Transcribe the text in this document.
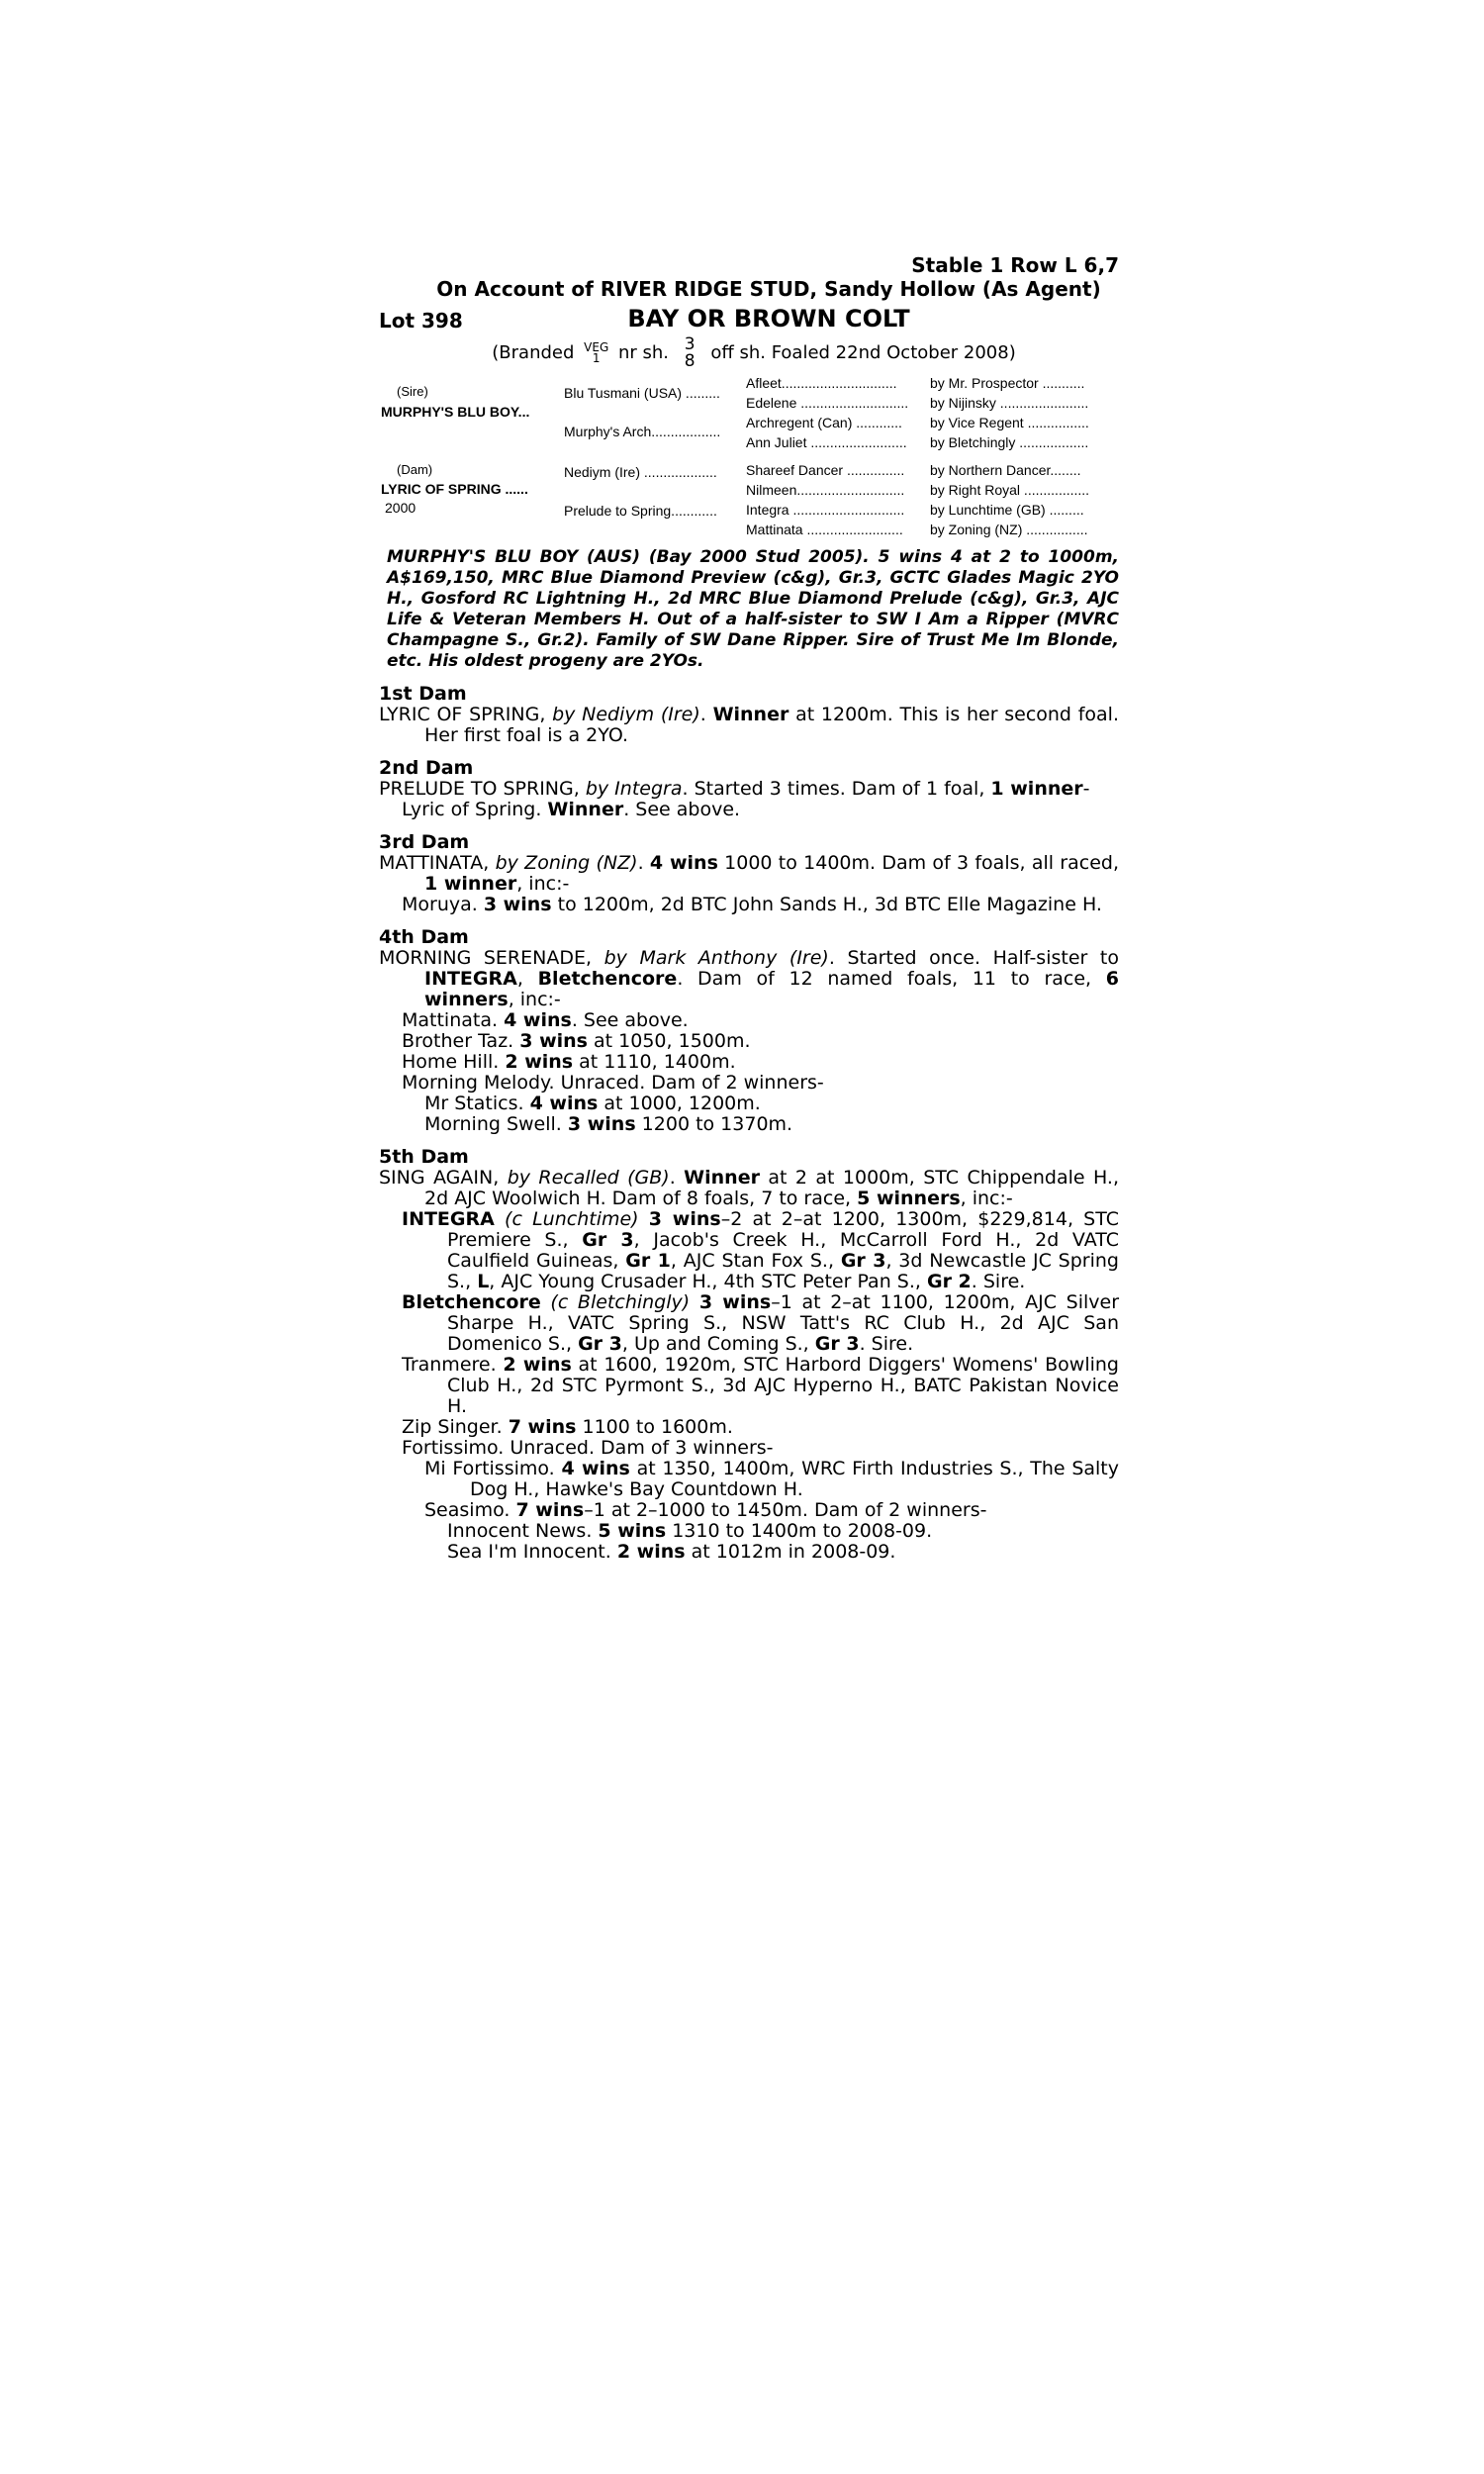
Stable 1 Row L 6,7
On Account of RIVER RIDGE STUD, Sandy Hollow (As Agent)
Lot 398	BAY OR BROWN COLT
(Branded VEG
1 nr sh. 3
8 off sh. Foaled 22nd October 2008)
(Sire)
MURPHY'S BLU BOY...
(Dam)
LYRIC OF SPRING ......
2000
Blu Tusmani (USA) .........
Murphy's Arch..................
Nediym (Ire) ...................
Prelude to Spring............
Afleet..............................
Edelene ............................
Archregent (Can) ............
Ann Juliet .........................
Shareef Dancer ...............
Nilmeen............................
Integra .............................
Mattinata .........................
by Mr. Prospector ...........
by Nijinsky .......................
by Vice Regent ................
by Bletchingly ..................
by Northern Dancer........
by Right Royal .................
by Lunchtime (GB) .........
by Zoning (NZ) ................
MURPHY'S BLU BOY (AUS) (Bay 2000 Stud 2005). 5 wins 4 at 2 to 1000m, A$169,150, MRC Blue Diamond Preview (c&g), Gr.3, GCTC Glades Magic 2YO H., Gosford RC Lightning H., 2d MRC Blue Diamond Prelude (c&g), Gr.3, AJC Life & Veteran Members H. Out of a half-sister to SW I Am a Ripper (MVRC Champagne S., Gr.2). Family of SW Dane Ripper. Sire of Trust Me Im Blonde, etc. His oldest progeny are 2YOs.
1st Dam
LYRIC OF SPRING, by Nediym (Ire). Winner at 1200m. This is her second foal. Her first foal is a 2YO.
2nd Dam
PRELUDE TO SPRING, by Integra. Started 3 times. Dam of 1 foal, 1 winner-
Lyric of Spring. Winner. See above.
3rd Dam
MATTINATA, by Zoning (NZ). 4 wins 1000 to 1400m. Dam of 3 foals, all raced, 1 winner, inc:-
Moruya. 3 wins to 1200m, 2d BTC John Sands H., 3d BTC Elle Magazine H.
4th Dam
MORNING SERENADE, by Mark Anthony (Ire). Started once. Half-sister to INTEGRA, Bletchencore. Dam of 12 named foals, 11 to race, 6 winners, inc:-
Mattinata. 4 wins. See above.
Brother Taz. 3 wins at 1050, 1500m.
Home Hill. 2 wins at 1110, 1400m.
Morning Melody. Unraced. Dam of 2 winners-
Mr Statics. 4 wins at 1000, 1200m.
Morning Swell. 3 wins 1200 to 1370m.
5th Dam
SING AGAIN, by Recalled (GB). Winner at 2 at 1000m, STC Chippendale H., 2d AJC Woolwich H. Dam of 8 foals, 7 to race, 5 winners, inc:-
INTEGRA (c Lunchtime) 3 wins–2 at 2–at 1200, 1300m, $229,814, STC Premiere S., Gr 3, Jacob's Creek H., McCarroll Ford H., 2d VATC Caulfield Guineas, Gr 1, AJC Stan Fox S., Gr 3, 3d Newcastle JC Spring S., L, AJC Young Crusader H., 4th STC Peter Pan S., Gr 2. Sire.
Bletchencore (c Bletchingly) 3 wins–1 at 2–at 1100, 1200m, AJC Silver Sharpe H., VATC Spring S., NSW Tatt's RC Club H., 2d AJC San Domenico S., Gr 3, Up and Coming S., Gr 3. Sire.
Tranmere. 2 wins at 1600, 1920m, STC Harbord Diggers' Womens' Bowling Club H., 2d STC Pyrmont S., 3d AJC Hyperno H., BATC Pakistan Novice H.
Zip Singer. 7 wins 1100 to 1600m.
Fortissimo. Unraced. Dam of 3 winners-
Mi Fortissimo. 4 wins at 1350, 1400m, WRC Firth Industries S., The Salty Dog H., Hawke's Bay Countdown H.
Seasimo. 7 wins–1 at 2–1000 to 1450m. Dam of 2 winners-
Innocent News. 5 wins 1310 to 1400m to 2008-09.
Sea I'm Innocent. 2 wins at 1012m in 2008-09.
